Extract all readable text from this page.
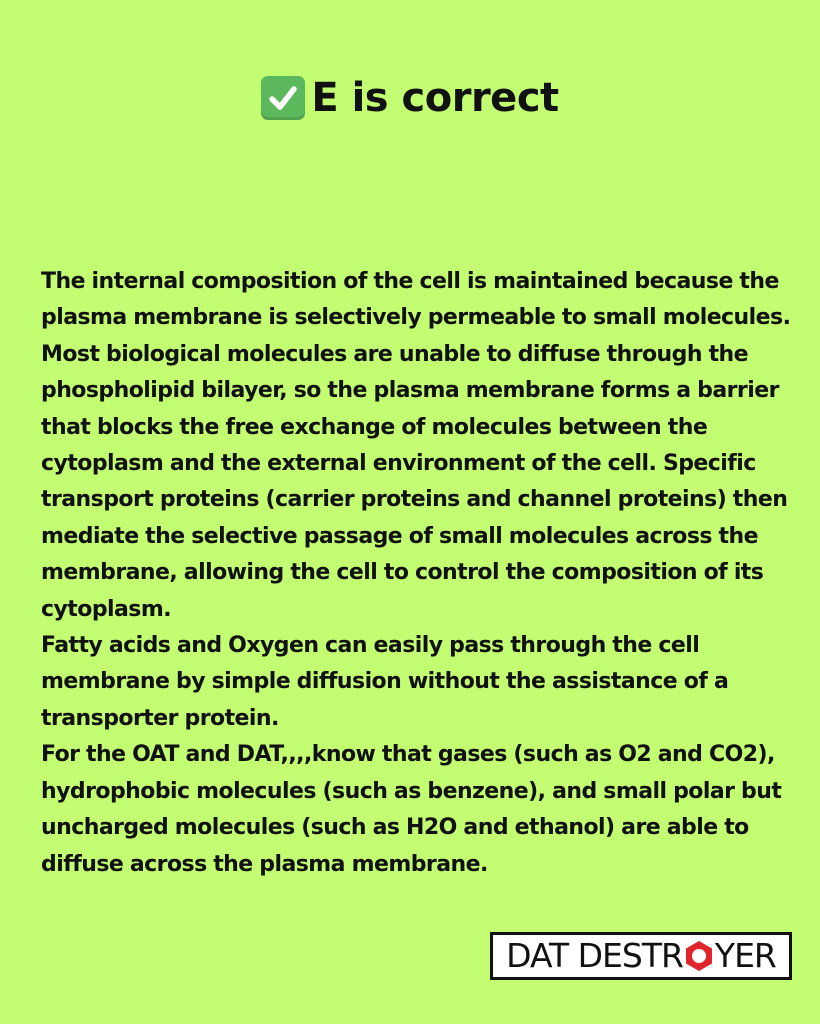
E is correct

The internal composition of the cell is maintained because the plasma membrane is selectively permeable to small molecules. Most biological molecules are unable to diffuse through the phospholipid bilayer, so the plasma membrane forms a barrier that blocks the free exchange of molecules between the cytoplasm and the external environment of the cell. Specific transport proteins (carrier proteins and channel proteins) then mediate the selective passage of small molecules across the membrane, allowing the cell to control the composition of its cytoplasm.

Fatty acids and Oxygen can easily pass through the cell membrane by simple diffusion without the assistance of a transporter protein.

For the OAT and DAT,,,,know that gases (such as O2 and CO2), hydrophobic molecules (such as benzene), and small polar but uncharged molecules (such as H2O and ethanol) are able to diffuse across the plasma membrane.

DAT DESTR YER
